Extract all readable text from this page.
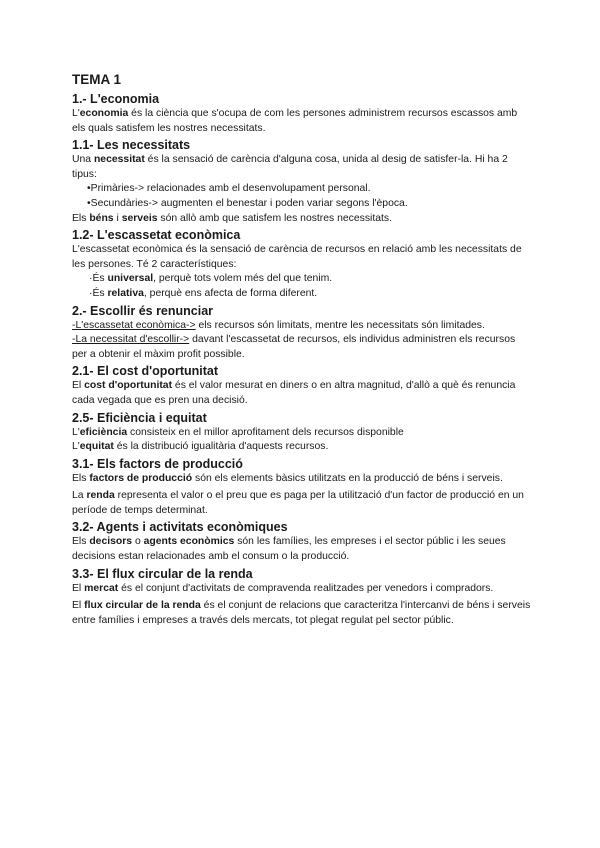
TEMA 1
1.- L'economia

L'economia és la ciència que s'ocupa de com les persones administrem recursos escassos amb els quals satisfem les nostres necessitats.

1.1- Les necessitats

Una necessitat és la sensació de carència d'alguna cosa, unida al desig de satisfer-la. Hi ha 2 tipus:

•Primàries-> relacionades amb el desenvolupament personal.

•Secundàries-> augmenten el benestar i poden variar segons l'època.

Els béns i serveis són allò amb que satisfem les nostres necessitats.

1.2- L'escassetat econòmica

L'escassetat econòmica és la sensació de carència de recursos en relació amb les necessitats de les persones. Té 2 característiques:

·És universal, perquè tots volem més del que tenim.

·És relativa, perquè ens afecta de forma diferent.

2.- Escollir és renunciar

-L'escassetat econòmica-> els recursos són limitats, mentre les necessitats són limitades.

-La necessitat d'escollir-> davant l'escassetat de recursos, els individus administren els recursos per a obtenir el màxim profit possible.

2.1- El cost d'oportunitat

El cost d'oportunitat és el valor mesurat en diners o en altra magnitud, d'allò a què és renuncia cada vegada que es pren una decisió.

2.5- Eficiència i equitat

L'eficiència consisteix en el millor aprofitament dels recursos disponible

L'equitat és la distribució igualitària d'aquests recursos.

3.1- Els factors de producció

Els factors de producció són els elements bàsics utilitzats en la producció de béns i serveis.

La renda representa el valor o el preu que es paga per la utilització d'un factor de producció en un període de temps determinat.

3.2- Agents i activitats econòmiques

Els decisors o agents econòmics són les famílies, les empreses i el sector públic i les seues decisions estan relacionades amb el consum o la producció.

3.3- El flux circular de la renda

El mercat és el conjunt d'activitats de compravenda realitzades per venedors i compradors.

El flux circular de la renda és el conjunt de relacions que caracteritza l'intercanvi de béns i serveis entre famílies i empreses a través dels mercats, tot plegat regulat pel sector públic.
